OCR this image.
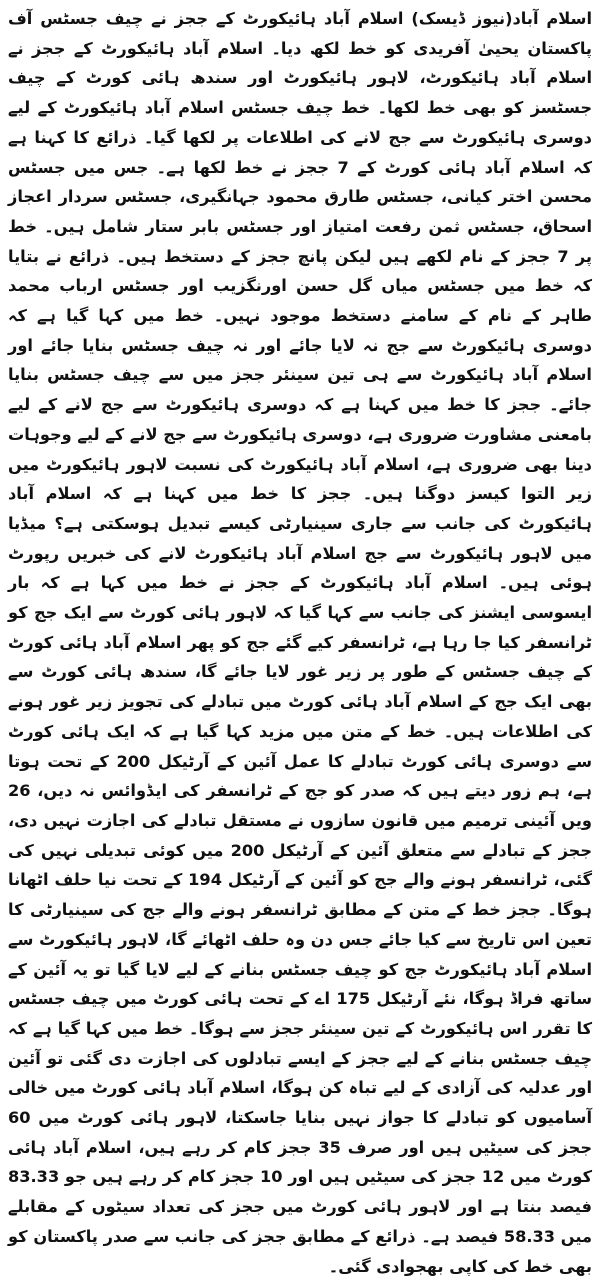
اسلام آباد(نیوز ڈیسک) اسلام آباد ہائیکورٹ کے ججز نے چیف جسٹس آف پاکستان یحییٰ آفریدی کو خط لکھ دیا۔ اسلام آباد ہائیکورٹ کے ججز نے اسلام آباد ہائیکورٹ، لاہور ہائیکورٹ اور سندھ ہائی کورٹ کے چیف جسٹسز کو بھی خط لکھا۔ خط چیف جسٹس اسلام آباد ہائیکورٹ کے لیے دوسری ہائیکورٹ سے جج لانے کی اطلاعات پر لکھا گیا۔ ذرائع کا کہنا ہے کہ اسلام آباد ہائی کورٹ کے 7 ججز نے خط لکھا ہے۔ جس میں جسٹس محسن اختر کیانی، جسٹس طارق محمود جہانگیری، جسٹس سردار اعجاز اسحاق، جسٹس ثمن رفعت امتیاز اور جسٹس بابر ستار شامل ہیں۔ خط پر 7 ججز کے نام لکھے ہیں لیکن پانچ ججز کے دستخط ہیں۔ ذرائع نے بتایا کہ خط میں جسٹس میاں گل حسن اورنگزیب اور جسٹس ارباب محمد طاہر کے نام کے سامنے دستخط موجود نہیں۔ خط میں کہا گیا ہے کہ دوسری ہائیکورٹ سے جج نہ لایا جائے اور نہ چیف جسٹس بنایا جائے اور اسلام آباد ہائیکورٹ سے ہی تین سینئر ججز میں سے چیف جسٹس بنایا جائے۔ ججز کا خط میں کہنا ہے کہ دوسری ہائیکورٹ سے جج لانے کے لیے بامعنی مشاورت ضروری ہے، دوسری ہائیکورٹ سے جج لانے کے لیے وجوہات دینا بھی ضروری ہے، اسلام آباد ہائیکورٹ کی نسبت لاہور ہائیکورٹ میں زیر التوا کیسز دوگنا ہیں۔ ججز کا خط میں کہنا ہے کہ اسلام آباد ہائیکورٹ کی جانب سے جاری سینیارٹی کیسے تبدیل ہوسکتی ہے؟ میڈیا میں لاہور ہائیکورٹ سے جج اسلام آباد ہائیکورٹ لانے کی خبریں رپورٹ ہوئی ہیں۔ اسلام آباد ہائیکورٹ کے ججز نے خط میں کہا ہے کہ بار ایسوسی ایشنز کی جانب سے کہا گیا کہ لاہور ہائی کورٹ سے ایک جج کو ٹرانسفر کیا جا رہا ہے، ٹرانسفر کیے گئے جج کو پھر اسلام آباد ہائی کورٹ کے چیف جسٹس کے طور پر زیر غور لایا جائے گا، سندھ ہائی کورٹ سے بھی ایک جج کے اسلام آباد ہائی کورٹ میں تبادلے کی تجویز زیر غور ہونے کی اطلاعات ہیں۔ خط کے متن میں مزید کہا گیا ہے کہ ایک ہائی کورٹ سے دوسری ہائی کورٹ تبادلے کا عمل آئین کے آرٹیکل 200 کے تحت ہوتا ہے، ہم زور دیتے ہیں کہ صدر کو جج کے ٹرانسفر کی ایڈوائس نہ دیں، 26 ویں آئینی ترمیم میں قانون سازوں نے مستقل تبادلے کی اجازت نہیں دی، ججز کے تبادلے سے متعلق آئین کے آرٹیکل 200 میں کوئی تبدیلی نہیں کی گئی، ٹرانسفر ہونے والے جج کو آئین کے آرٹیکل 194 کے تحت نیا حلف اٹھانا ہوگا۔ ججز خط کے متن کے مطابق ٹرانسفر ہونے والے جج کی سینیارٹی کا تعین اس تاریخ سے کیا جائے جس دن وہ حلف اٹھائے گا، لاہور ہائیکورٹ سے اسلام آباد ہائیکورٹ جج کو چیف جسٹس بنانے کے لیے لایا گیا تو یہ آئین کے ساتھ فراڈ ہوگا، نئے آرٹیکل 175 اے کے تحت ہائی کورٹ میں چیف جسٹس کا تقرر اس ہائیکورٹ کے تین سینئر ججز سے ہوگا۔ خط میں کہا گیا ہے کہ چیف جسٹس بنانے کے لیے ججز کے ایسے تبادلوں کی اجازت دی گئی تو آئین اور عدلیہ کی آزادی کے لیے تباہ کن ہوگا، اسلام آباد ہائی کورٹ میں خالی آسامیوں کو تبادلے کا جواز نہیں بنایا جاسکتا، لاہور ہائی کورٹ میں 60 ججز کی سیٹیں ہیں اور صرف 35 ججز کام کر رہے ہیں، اسلام آباد ہائی کورٹ میں 12 ججز کی سیٹیں ہیں اور 10 ججز کام کر رہے ہیں جو 83.33 فیصد بنتا ہے اور لاہور ہائی کورٹ میں ججز کی تعداد سیٹوں کے مقابلے میں 58.33 فیصد ہے۔ ذرائع کے مطابق ججز کی جانب سے صدر پاکستان کو بھی خط کی کاپی بھجوادی گئی۔
